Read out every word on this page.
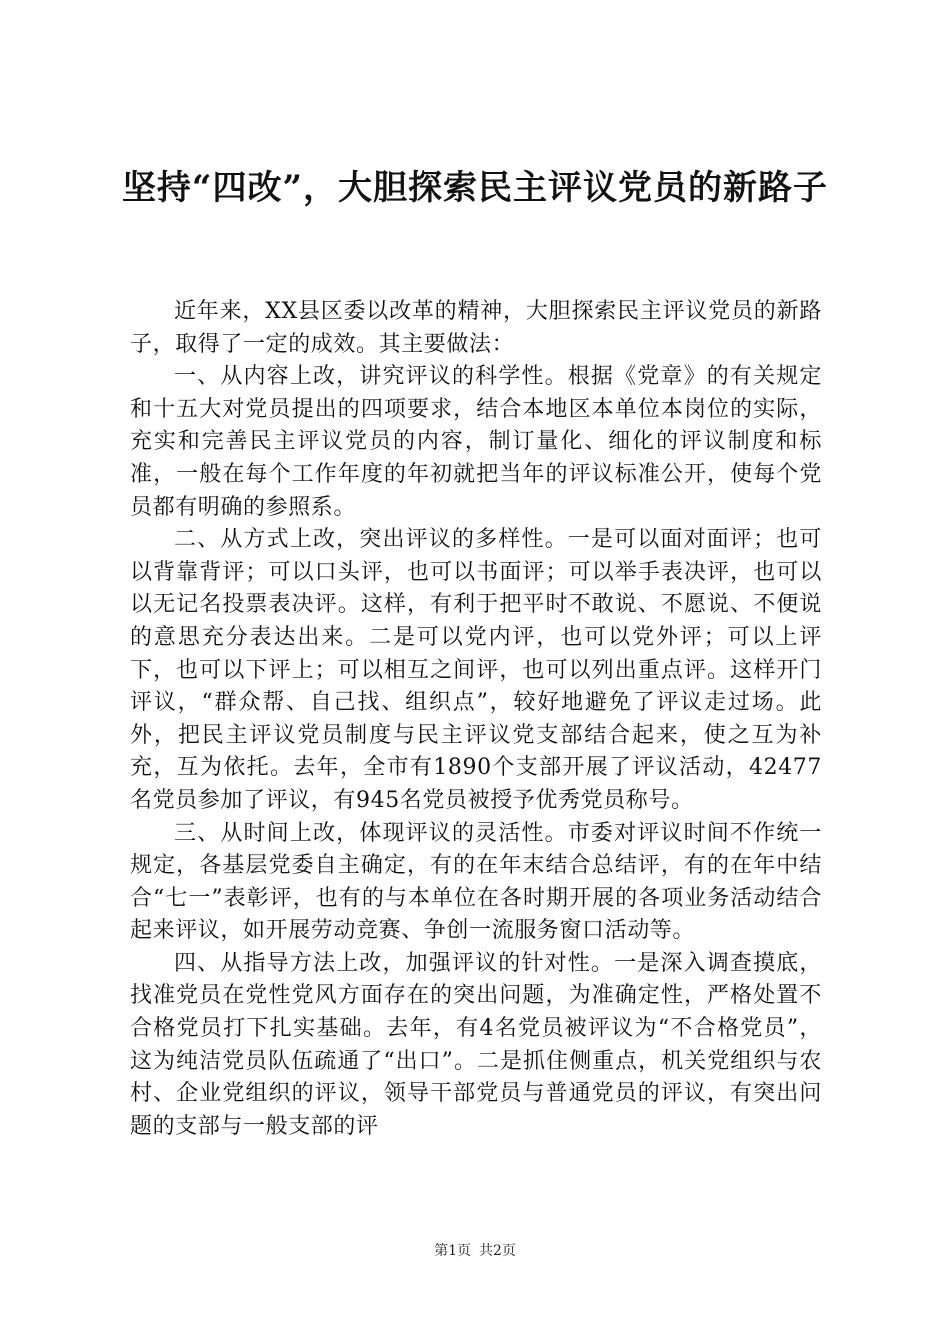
坚持“四改”，大胆探索民主评议党员的新路子

近年来，XX县区委以改革的精神，大胆探索民主评议党员的新路子，取得了一定的成效。其主要做法：

一、从内容上改，讲究评议的科学性。根据《党章》的有关规定和十五大对党员提出的四项要求，结合本地区本单位本岗位的实际，充实和完善民主评议党员的内容，制订量化、细化的评议制度和标准，一般在每个工作年度的年初就把当年的评议标准公开，使每个党员都有明确的参照系。

二、从方式上改，突出评议的多样性。一是可以面对面评；也可以背靠背评；可以口头评，也可以书面评；可以举手表决评，也可以以无记名投票表决评。这样，有利于把平时不敢说、不愿说、不便说的意思充分表达出来。二是可以党内评，也可以党外评；可以上评下，也可以下评上；可以相互之间评，也可以列出重点评。这样开门评议，“群众帮、自己找、组织点”，较好地避免了评议走过场。此外，把民主评议党员制度与民主评议党支部结合起来，使之互为补充，互为依托。去年，全市有1890个支部开展了评议活动，42477名党员参加了评议，有945名党员被授予优秀党员称号。

三、从时间上改，体现评议的灵活性。市委对评议时间不作统一规定，各基层党委自主确定，有的在年末结合总结评，有的在年中结合“七一”表彰评，也有的与本单位在各时期开展的各项业务活动结合起来评议，如开展劳动竞赛、争创一流服务窗口活动等。

四、从指导方法上改，加强评议的针对性。一是深入调查摸底，找准党员在党性党风方面存在的突出问题，为准确定性，严格处置不合格党员打下扎实基础。去年，有4名党员被评议为“不合格党员”，这为纯洁党员队伍疏通了“出口”。二是抓住侧重点，机关党组织与农村、企业党组织的评议，领导干部党员与普通党员的评议，有突出问题的支部与一般支部的评

第1页 共2页
